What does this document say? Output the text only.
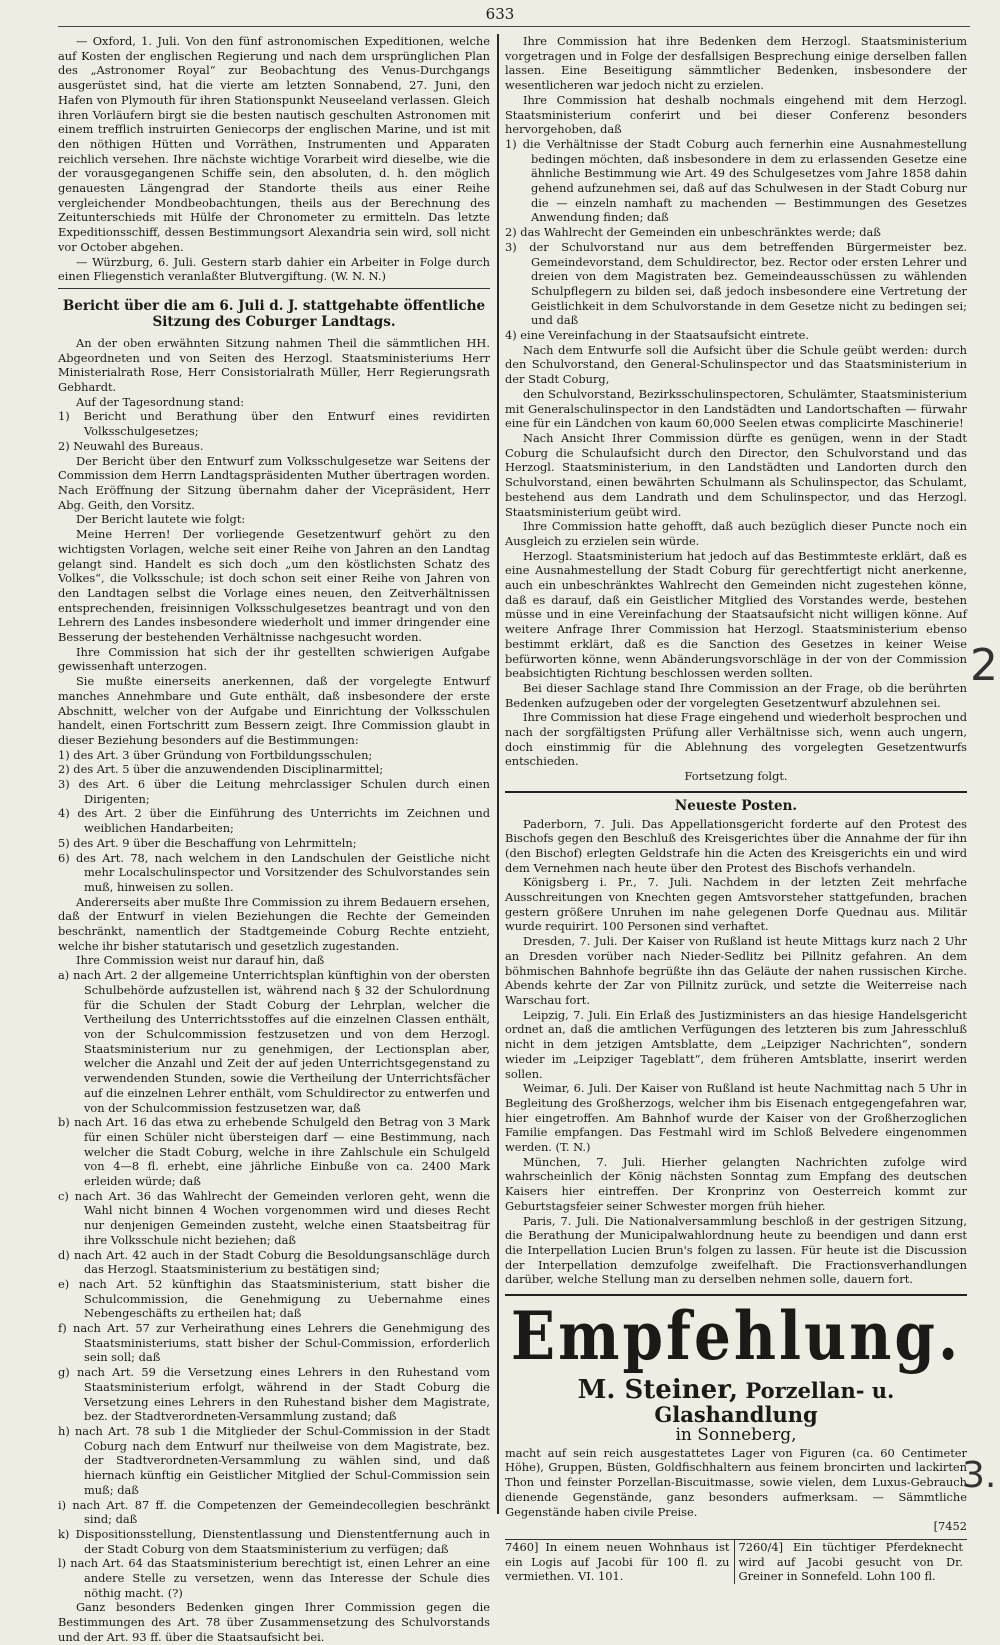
633

— Oxford, 1. Juli. Von den fünf astronomischen Expeditionen, welche auf Kosten der englischen Regierung und nach dem ursprünglichen Plan des „Astronomer Royal“ zur Beobachtung des Venus-Durchgangs ausgerüstet sind, hat die vierte am letzten Sonnabend, 27. Juni, den Hafen von Plymouth für ihren Stationspunkt Neuseeland verlassen. Gleich ihren Vorläufern birgt sie die besten nautisch geschulten Astronomen mit einem trefflich instruirten Geniecorps der englischen Marine, und ist mit den nöthigen Hütten und Vorräthen, Instrumenten und Apparaten reichlich versehen. Ihre nächste wichtige Vorarbeit wird dieselbe, wie die der vorausgegangenen Schiffe sein, den absoluten, d. h. den möglich genauesten Längengrad der Standorte theils aus einer Reihe vergleichender Mondbeobachtungen, theils aus der Berechnung des Zeitunterschieds mit Hülfe der Chronometer zu ermitteln. Das letzte Expeditionsschiff, dessen Bestimmungsort Alexandria sein wird, soll nicht vor October abgehen.

— Würzburg, 6. Juli. Gestern starb dahier ein Arbeiter in Folge durch einen Fliegenstich veranlaßter Blutvergiftung. (W. N. N.)

Bericht über die am 6. Juli d. J. stattgehabte öffentliche Sitzung des Coburger Landtags.

An der oben erwähnten Sitzung nahmen Theil die sämmtlichen HH. Abgeordneten und von Seiten des Herzogl. Staatsministeriums Herr Ministerialrath Rose, Herr Consistorialrath Müller, Herr Regierungsrath Gebhardt.

Auf der Tagesordnung stand:

1) Bericht und Berathung über den Entwurf eines revidirten Volksschulgesetzes;
2) Neuwahl des Bureaus.

Der Bericht über den Entwurf zum Volksschulgesetze war Seitens der Commission dem Herrn Landtagspräsidenten Muther übertragen worden. Nach Eröffnung der Sitzung übernahm daher der Vicepräsident, Herr Abg. Geith, den Vorsitz.

Der Bericht lautete wie folgt:

Meine Herren! Der vorliegende Gesetzentwurf gehört zu den wichtigsten Vorlagen, welche seit einer Reihe von Jahren an den Landtag gelangt sind. Handelt es sich doch „um den köstlichsten Schatz des Volkes“, die Volksschule; ist doch schon seit einer Reihe von Jahren von den Landtagen selbst die Vorlage eines neuen, den Zeitverhältnissen entsprechenden, freisinnigen Volksschulgesetzes beantragt und von den Lehrern des Landes insbesondere wiederholt und immer dringender eine Besserung der bestehenden Verhältnisse nachgesucht worden.

Ihre Commission hat sich der ihr gestellten schwierigen Aufgabe gewissenhaft unterzogen.

Sie mußte einerseits anerkennen, daß der vorgelegte Entwurf manches Annehmbare und Gute enthält, daß insbesondere der erste Abschnitt, welcher von der Aufgabe und Einrichtung der Volksschulen handelt, einen Fortschritt zum Bessern zeigt. Ihre Commission glaubt in dieser Beziehung besonders auf die Bestimmungen:

1) des Art. 3 über Gründung von Fortbildungsschulen;
2) des Art. 5 über die anzuwendenden Disciplinarmittel;
3) des Art. 6 über die Leitung mehrclassiger Schulen durch einen Dirigenten;
4) des Art. 2 über die Einführung des Unterrichts im Zeichnen und weiblichen Handarbeiten;
5) des Art. 9 über die Beschaffung von Lehrmitteln;
6) des Art. 78, nach welchem in den Landschulen der Geistliche nicht mehr Localschulinspector und Vorsitzender des Schulvorstandes sein muß, hinweisen zu sollen.

Andererseits aber mußte Ihre Commission zu ihrem Bedauern ersehen, daß der Entwurf in vielen Beziehungen die Rechte der Gemeinden beschränkt, namentlich der Stadtgemeinde Coburg Rechte entzieht, welche ihr bisher statutarisch und gesetzlich zugestanden.

Ihre Commission weist nur darauf hin, daß

a) nach Art. 2 der allgemeine Unterrichtsplan künftighin von der obersten Schulbehörde aufzustellen ist, während nach § 32 der Schulordnung für die Schulen der Stadt Coburg der Lehrplan, welcher die Vertheilung des Unterrichtsstoffes auf die einzelnen Classen enthält, von der Schulcommission festzusetzen und von dem Herzogl. Staatsministerium nur zu genehmigen, der Lectionsplan aber, welcher die Anzahl und Zeit der auf jeden Unterrichtsgegenstand zu verwendenden Stunden, sowie die Vertheilung der Unterrichtsfächer auf die einzelnen Lehrer enthält, vom Schuldirector zu entwerfen und von der Schulcommission festzusetzen war, daß
b) nach Art. 16 das etwa zu erhebende Schulgeld den Betrag von 3 Mark für einen Schüler nicht übersteigen darf — eine Bestimmung, nach welcher die Stadt Coburg, welche in ihre Zahlschule ein Schulgeld von 4—8 fl. erhebt, eine jährliche Einbuße von ca. 2400 Mark erleiden würde; daß
c) nach Art. 36 das Wahlrecht der Gemeinden verloren geht, wenn die Wahl nicht binnen 4 Wochen vorgenommen wird und dieses Recht nur denjenigen Gemeinden zusteht, welche einen Staatsbeitrag für ihre Volksschule nicht beziehen; daß
d) nach Art. 42 auch in der Stadt Coburg die Besoldungsanschläge durch das Herzogl. Staatsministerium zu bestätigen sind;
e) nach Art. 52 künftighin das Staatsministerium, statt bisher die Schulcommission, die Genehmigung zu Uebernahme eines Nebengeschäfts zu ertheilen hat; daß
f) nach Art. 57 zur Verheirathung eines Lehrers die Genehmigung des Staatsministeriums, statt bisher der Schul-Commission, erforderlich sein soll; daß
g) nach Art. 59 die Versetzung eines Lehrers in den Ruhestand vom Staatsministerium erfolgt, während in der Stadt Coburg die Versetzung eines Lehrers in den Ruhestand bisher dem Magistrate, bez. der Stadtverordneten-Versammlung zustand; daß
h) nach Art. 78 sub 1 die Mitglieder der Schul-Commission in der Stadt Coburg nach dem Entwurf nur theilweise von dem Magistrate, bez. der Stadtverordneten-Versammlung zu wählen sind, und daß hiernach künftig ein Geistlicher Mitglied der Schul-Commission sein muß; daß
i) nach Art. 87 ff. die Competenzen der Gemeindecollegien beschränkt sind; daß
k) Dispositionsstellung, Dienstentlassung und Dienstentfernung auch in der Stadt Coburg von dem Staatsministerium zu verfügen; daß
l) nach Art. 64 das Staatsministerium berechtigt ist, einen Lehrer an eine andere Stelle zu versetzen, wenn das Interesse der Schule dies nöthig macht. (?)

Ganz besonders Bedenken gingen Ihrer Commission gegen die Bestimmungen des Art. 78 über Zusammensetzung des Schulvorstands und der Art. 93 ff. über die Staatsaufsicht bei.

Ihre Commission hat ihre Bedenken dem Herzogl. Staatsministerium vorgetragen und in Folge der desfallsigen Besprechung einige derselben fallen lassen. Eine Beseitigung sämmtlicher Bedenken, insbesondere der wesentlicheren war jedoch nicht zu erzielen.

Ihre Commission hat deshalb nochmals eingehend mit dem Herzogl. Staatsministerium conferirt und bei dieser Conferenz besonders hervorgehoben, daß

1) die Verhältnisse der Stadt Coburg auch fernerhin eine Ausnahmestellung bedingen möchten, daß insbesondere in dem zu erlassenden Gesetze eine ähnliche Bestimmung wie Art. 49 des Schulgesetzes vom Jahre 1858 dahin gehend aufzunehmen sei, daß auf das Schulwesen in der Stadt Coburg nur die — einzeln namhaft zu machenden — Bestimmungen des Gesetzes Anwendung finden; daß
2) das Wahlrecht der Gemeinden ein unbeschränktes werde; daß
3) der Schulvorstand nur aus dem betreffenden Bürgermeister bez. Gemeindevorstand, dem Schuldirector, bez. Rector oder ersten Lehrer und dreien von dem Magistraten bez. Gemeindeausschüssen zu wählenden Schulpflegern zu bilden sei, daß jedoch insbesondere eine Vertretung der Geistlichkeit in dem Schulvorstande in dem Gesetze nicht zu bedingen sei; und daß
4) eine Vereinfachung in der Staatsaufsicht eintrete.

Nach dem Entwurfe soll die Aufsicht über die Schule geübt werden: durch den Schulvorstand, den General-Schulinspector und das Staatsministerium in der Stadt Coburg,

den Schulvorstand, Bezirksschulinspectoren, Schulämter, Staatsministerium mit Generalschulinspector in den Landstädten und Landortschaften — fürwahr eine für ein Ländchen von kaum 60,000 Seelen etwas complicirte Maschinerie!

Nach Ansicht Ihrer Commission dürfte es genügen, wenn in der Stadt Coburg die Schulaufsicht durch den Director, den Schulvorstand und das Herzogl. Staatsministerium, in den Landstädten und Landorten durch den Schulvorstand, einen bewährten Schulmann als Schulinspector, das Schulamt, bestehend aus dem Landrath und dem Schulinspector, und das Herzogl. Staatsministerium geübt wird.

Ihre Commission hatte gehofft, daß auch bezüglich dieser Puncte noch ein Ausgleich zu erzielen sein würde.

Herzogl. Staatsministerium hat jedoch auf das Bestimmteste erklärt, daß es eine Ausnahmestellung der Stadt Coburg für gerechtfertigt nicht anerkenne, auch ein unbeschränktes Wahlrecht den Gemeinden nicht zugestehen könne, daß es darauf, daß ein Geistlicher Mitglied des Vorstandes werde, bestehen müsse und in eine Vereinfachung der Staatsaufsicht nicht willigen könne. Auf weitere Anfrage Ihrer Commission hat Herzogl. Staatsministerium ebenso bestimmt erklärt, daß es die Sanction des Gesetzes in keiner Weise befürworten könne, wenn Abänderungsvorschläge in der von der Commission beabsichtigten Richtung beschlossen werden sollten.

Bei dieser Sachlage stand Ihre Commission an der Frage, ob die berührten Bedenken aufzugeben oder der vorgelegten Gesetzentwurf abzulehnen sei.

Ihre Commission hat diese Frage eingehend und wiederholt besprochen und nach der sorgfältigsten Prüfung aller Verhältnisse sich, wenn auch ungern, doch einstimmig für die Ablehnung des vorgelegten Gesetzentwurfs entschieden.

Fortsetzung folgt.

Neueste Posten.

Paderborn, 7. Juli. Das Appellationsgericht forderte auf den Protest des Bischofs gegen den Beschluß des Kreisgerichtes über die Annahme der für ihn (den Bischof) erlegten Geldstrafe hin die Acten des Kreisgerichts ein und wird dem Vernehmen nach heute über den Protest des Bischofs verhandeln.

Königsberg i. Pr., 7. Juli. Nachdem in der letzten Zeit mehrfache Ausschreitungen von Knechten gegen Amtsvorsteher stattgefunden, brachen gestern größere Unruhen im nahe gelegenen Dorfe Quednau aus. Militär wurde requirirt. 100 Personen sind verhaftet.

Dresden, 7. Juli. Der Kaiser von Rußland ist heute Mittags kurz nach 2 Uhr an Dresden vorüber nach Nieder-Sedlitz bei Pillnitz gefahren. An dem böhmischen Bahnhofe begrüßte ihn das Geläute der nahen russischen Kirche. Abends kehrte der Zar von Pillnitz zurück, und setzte die Weiterreise nach Warschau fort.

Leipzig, 7. Juli. Ein Erlaß des Justizministers an das hiesige Handelsgericht ordnet an, daß die amtlichen Verfügungen des letzteren bis zum Jahresschluß nicht in dem jetzigen Amtsblatte, dem „Leipziger Nachrichten“, sondern wieder im „Leipziger Tageblatt“, dem früheren Amtsblatte, inserirt werden sollen.

Weimar, 6. Juli. Der Kaiser von Rußland ist heute Nachmittag nach 5 Uhr in Begleitung des Großherzogs, welcher ihm bis Eisenach entgegengefahren war, hier eingetroffen. Am Bahnhof wurde der Kaiser von der Großherzoglichen Familie empfangen. Das Festmahl wird im Schloß Belvedere eingenommen werden. (T. N.)

München, 7. Juli. Hierher gelangten Nachrichten zufolge wird wahrscheinlich der König nächsten Sonntag zum Empfang des deutschen Kaisers hier eintreffen. Der Kronprinz von Oesterreich kommt zur Geburtstagsfeier seiner Schwester morgen früh hieher.

Paris, 7. Juli. Die Nationalversammlung beschloß in der gestrigen Sitzung, die Berathung der Municipalwahlordnung heute zu beendigen und dann erst die Interpellation Lucien Brun's folgen zu lassen. Für heute ist die Discussion der Interpellation demzufolge zweifelhaft. Die Fractionsverhandlungen darüber, welche Stellung man zu derselben nehmen solle, dauern fort.

Empfehlung.
M. Steiner, Porzellan- u. Glashandlung
in Sonneberg,

macht auf sein reich ausgestattetes Lager von Figuren (ca. 60 Centimeter Höhe), Gruppen, Büsten, Goldfischhaltern aus feinem broncirten und lackirten Thon und feinster Porzellan-Biscuitmasse, sowie vielen, dem Luxus-Gebrauch dienende Gegenstände, ganz besonders aufmerksam. — Sämmtliche Gegenstände haben civile Preise.

[7452
7460] In einem neuen Wohnhaus ist ein Logis auf Jacobi für 100 fl. zu vermiethen. VI. 101.
7260/4] Ein tüchtiger Pferdeknecht wird auf Jacobi gesucht von Dr. Greiner in Sonnefeld. Lohn 100 fl.
2
3.
